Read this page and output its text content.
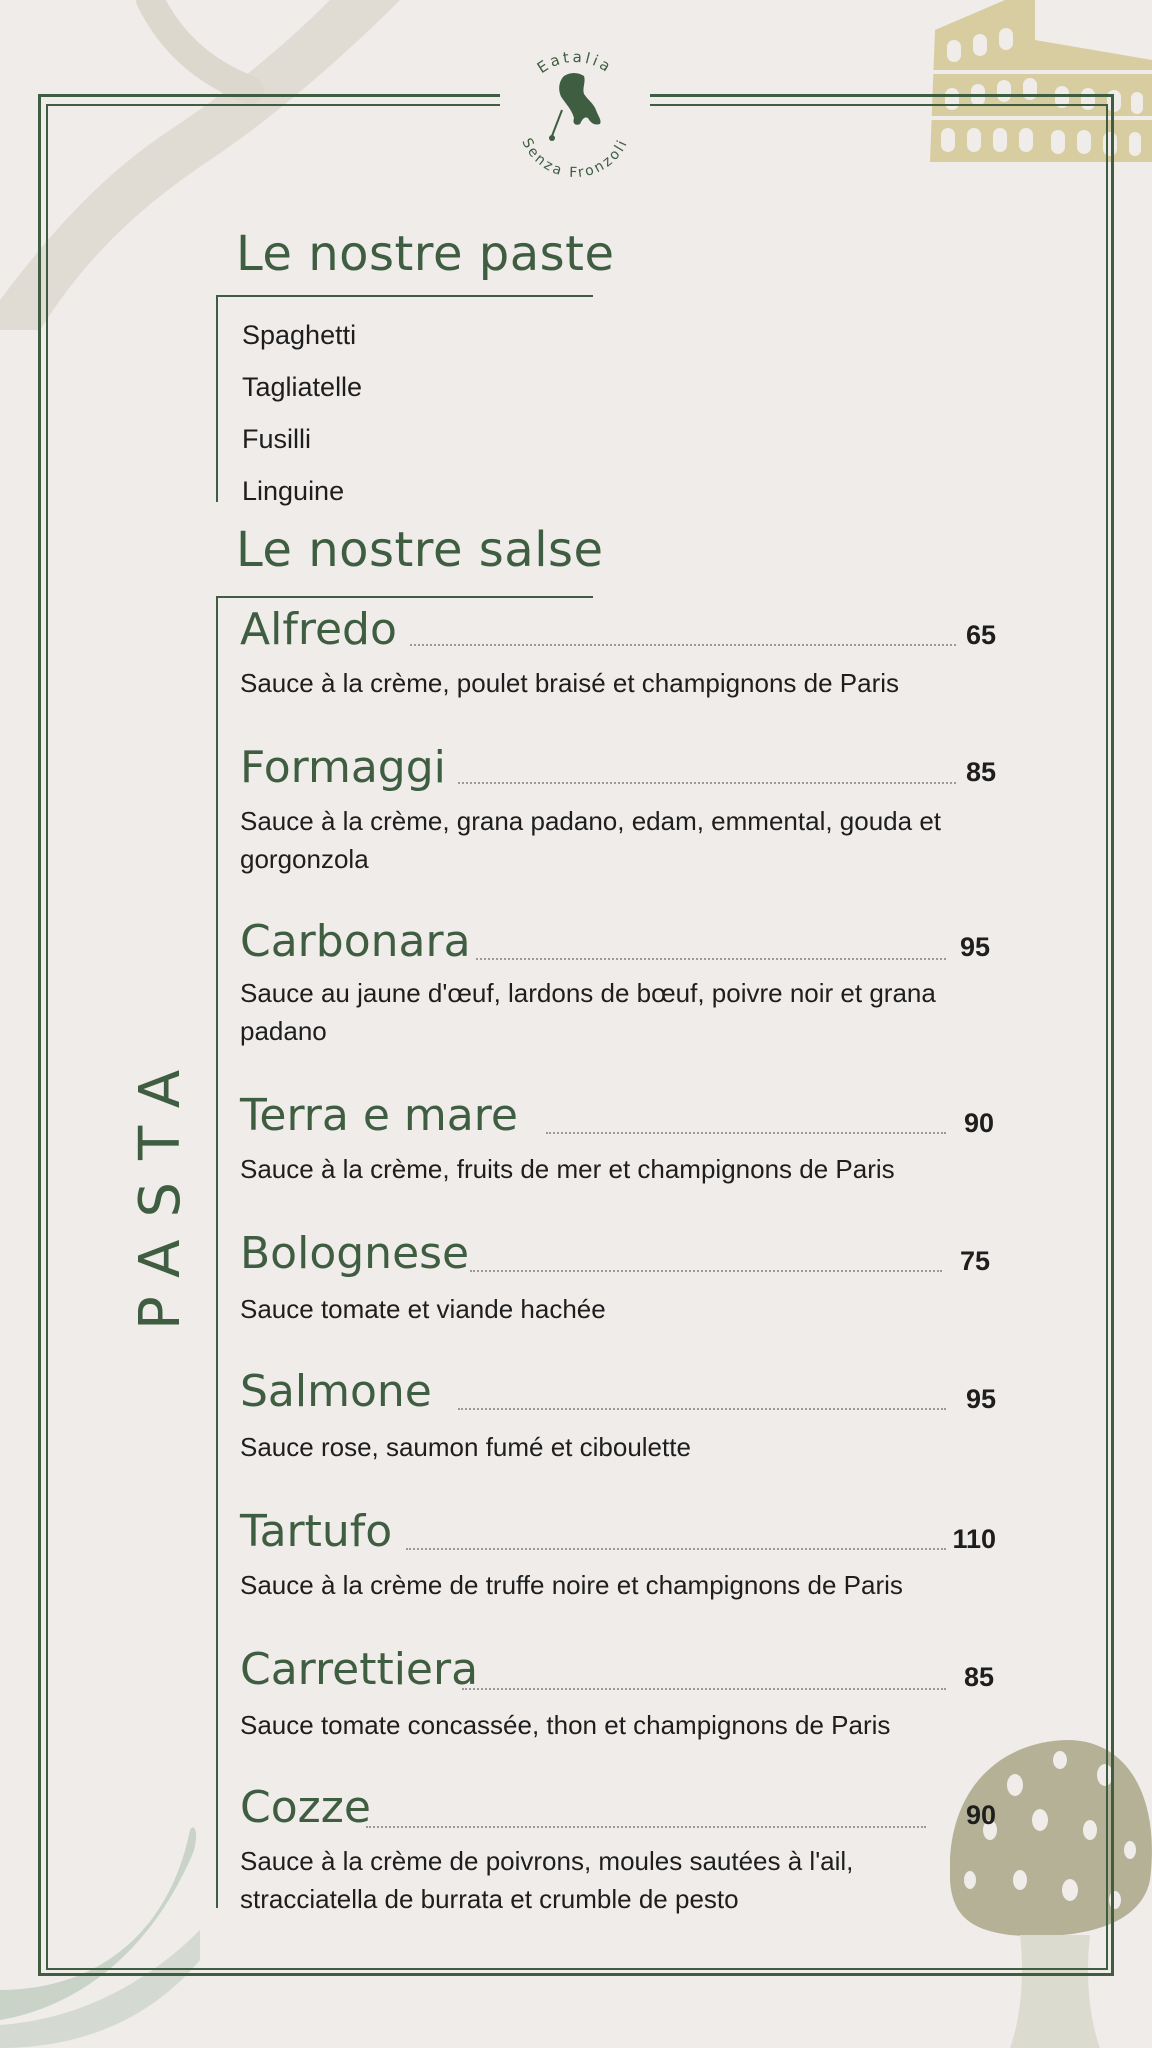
Eatalia
Senza Fronzoli
PASTA
Le nostre paste
Spaghetti
Tagliatelle
Fusilli
Linguine
Le nostre salse
Alfredo	65
Sauce à la crème, poulet braisé et champignons de Paris
Formaggi	85
Sauce à la crème, grana padano, edam, emmental, gouda et gorgonzola
Carbonara	95
Sauce au jaune d'œuf, lardons de bœuf, poivre noir et grana padano
Terra e mare	90
Sauce à la crème, fruits de mer et champignons de Paris
Bolognese	75
Sauce tomate et viande hachée
Salmone	95
Sauce rose, saumon fumé et ciboulette
Tartufo	110
Sauce à la crème de truffe noire et champignons de Paris
Carrettiera	85
Sauce tomate concassée, thon et champignons de Paris
Cozze	90
Sauce à la crème de poivrons, moules sautées à l'ail, stracciatella de burrata et crumble de pesto
